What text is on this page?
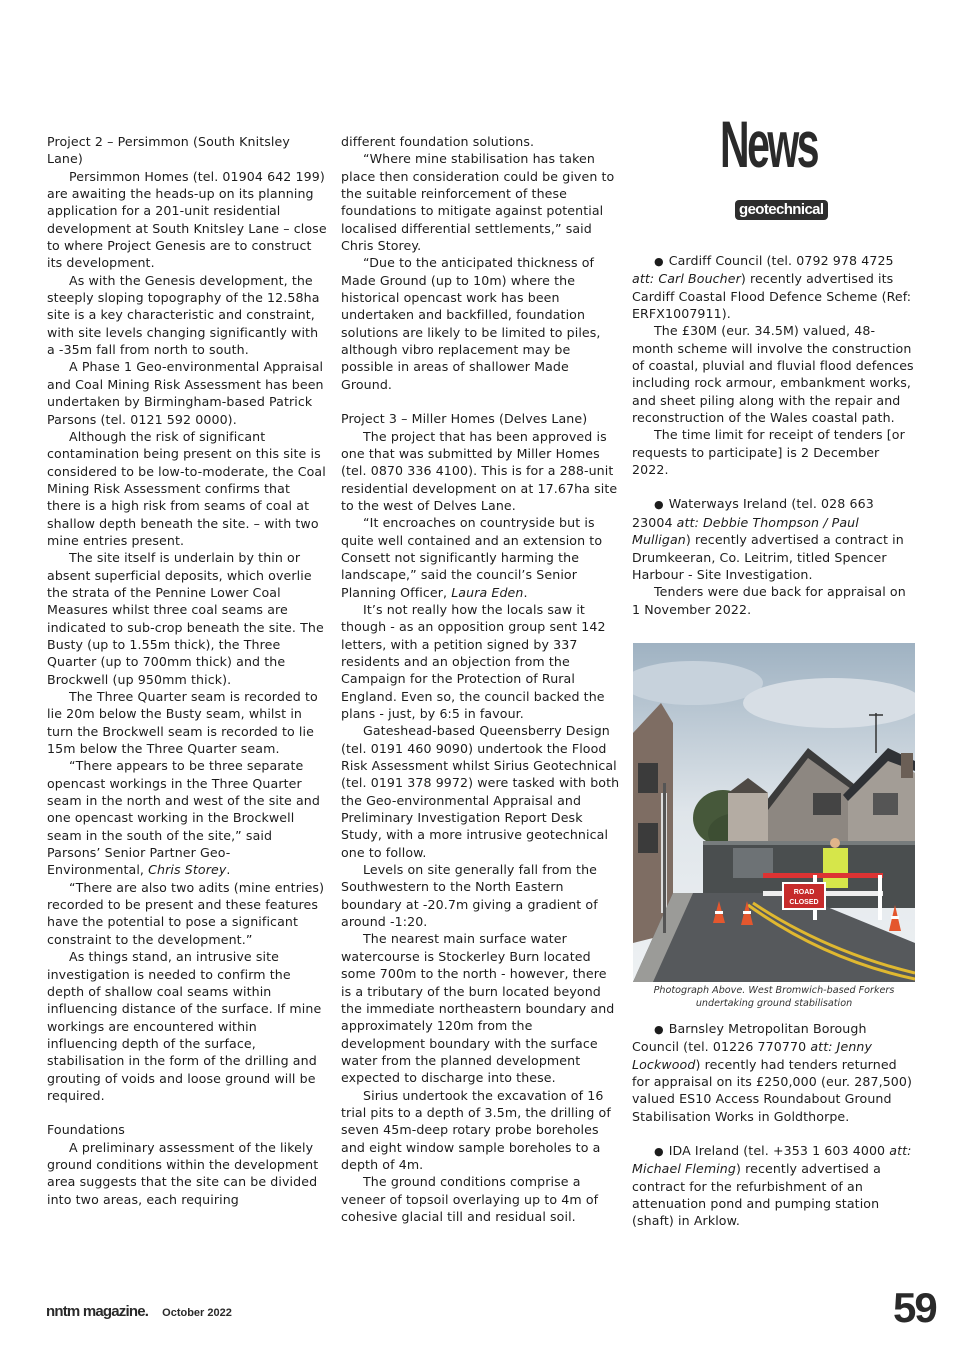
News
geotechnical

Project 2 – Persimmon (South Knitsley Lane)

Persimmon Homes (tel. 01904 642 199) are awaiting the heads-up on its planning application for a 201-unit residential development at South Knitsley Lane – close to where Project Genesis are to construct its development.

As with the Genesis development, the steeply sloping topography of the 12.58ha site is a key characteristic and constraint, with site levels changing significantly with a -35m fall from north to south.

A Phase 1 Geo-environmental Appraisal and Coal Mining Risk Assessment has been undertaken by Birmingham-based Patrick Parsons (tel. 0121 592 0000).

Although the risk of significant contamination being present on this site is considered to be low-to-moderate, the Coal Mining Risk Assessment confirms that there is a high risk from seams of coal at shallow depth beneath the site. – with two mine entries present.

The site itself is underlain by thin or absent superficial deposits, which overlie the strata of the Pennine Lower Coal Measures whilst three coal seams are indicated to sub-crop beneath the site. The Busty (up to 1.55m thick), the Three Quarter (up to 700mm thick) and the Brockwell (up 950mm thick).

The Three Quarter seam is recorded to lie 20m below the Busty seam, whilst in turn the Brockwell seam is recorded to lie 15m below the Three Quarter seam.

“There appears to be three separate opencast workings in the Three Quarter seam in the north and west of the site and one opencast working in the Brockwell seam in the south of the site,” said Parsons’ Senior Partner Geo-Environmental, Chris Storey.

“There are also two adits (mine entries) recorded to be present and these features have the potential to pose a significant constraint to the development.”

As things stand, an intrusive site investigation is needed to confirm the depth of shallow coal seams within influencing distance of the surface. If mine workings are encountered within influencing depth of the surface, stabilisation in the form of the drilling and grouting of voids and loose ground will be required.

Foundations

A preliminary assessment of the likely ground conditions within the development area suggests that the site can be divided into two areas, each requiring

different foundation solutions.

“Where mine stabilisation has taken place then consideration could be given to the suitable reinforcement of these foundations to mitigate against potential localised differential settlements,” said Chris Storey.

“Due to the anticipated thickness of Made Ground (up to 10m) where the historical opencast work has been undertaken and backfilled, foundation solutions are likely to be limited to piles, although vibro replacement may be possible in areas of shallower Made Ground.

Project 3 – Miller Homes (Delves Lane)

The project that has been approved is one that was submitted by Miller Homes (tel. 0870 336 4100). This is for a 288-unit residential development on at 17.67ha site to the west of Delves Lane.

“It encroaches on countryside but is quite well contained and an extension to Consett not significantly harming the landscape,” said the council’s Senior Planning Officer, Laura Eden.

It’s not really how the locals saw it though - as an opposition group sent 142 letters, with a petition signed by 337 residents and an objection from the Campaign for the Protection of Rural England. Even so, the council backed the plans - just, by 6:5 in favour.

Gateshead-based Queensberry Design (tel. 0191 460 9090) undertook the Flood Risk Assessment whilst Sirius Geotechnical (tel. 0191 378 9972) were tasked with both the Geo-environmental Appraisal and Preliminary Investigation Report Desk Study, with a more intrusive geotechnical one to follow.

Levels on site generally fall from the Southwestern to the North Eastern boundary at -20.7m giving a gradient of around -1:20.

The nearest main surface water watercourse is Stockerley Burn located some 700m to the north - however, there is a tributary of the burn located beyond the immediate northeastern boundary and approximately 120m from the development boundary with the surface water from the planned development expected to discharge into these.

Sirius undertook the excavation of 16 trial pits to a depth of 3.5m, the drilling of seven 45m-deep rotary probe boreholes and eight window sample boreholes to a depth of 4m.

The ground conditions comprise a veneer of topsoil overlaying up to 4m of cohesive glacial till and residual soil.

● Cardiff Council (tel. 0792 978 4725 att: Carl Boucher) recently advertised its Cardiff Coastal Flood Defence Scheme (Ref: ERFX1007911).

The £30M (eur. 34.5M) valued, 48-month scheme will involve the construction of coastal, pluvial and fluvial flood defences including rock armour, embankment works, and sheet piling along with the repair and reconstruction of the Wales coastal path.

The time limit for receipt of tenders [or requests to participate] is 2 December 2022.

● Waterways Ireland (tel. 028 663 23004 att: Debbie Thompson / Paul Mulligan) recently advertised a contract in Drumkeeran, Co. Leitrim, titled Spencer Harbour - Site Investigation.

Tenders were due back for appraisal on 1 November 2022.

ROAD
CLOSED
Photograph Above. West Bromwich-based Forkers
undertaking ground stabilisation

● Barnsley Metropolitan Borough Council (tel. 01226 770770 att: Jenny Lockwood) recently had tenders returned for appraisal on its £250,000 (eur. 287,500) valued ES10 Access Roundabout Ground Stabilisation Works in Goldthorpe.

● IDA Ireland (tel. +353 1 603 4000 att: Michael Fleming) recently advertised a contract for the refurbishment of an attenuation pond and pumping station (shaft) in Arklow.

nntm magazine. October 2022	59
